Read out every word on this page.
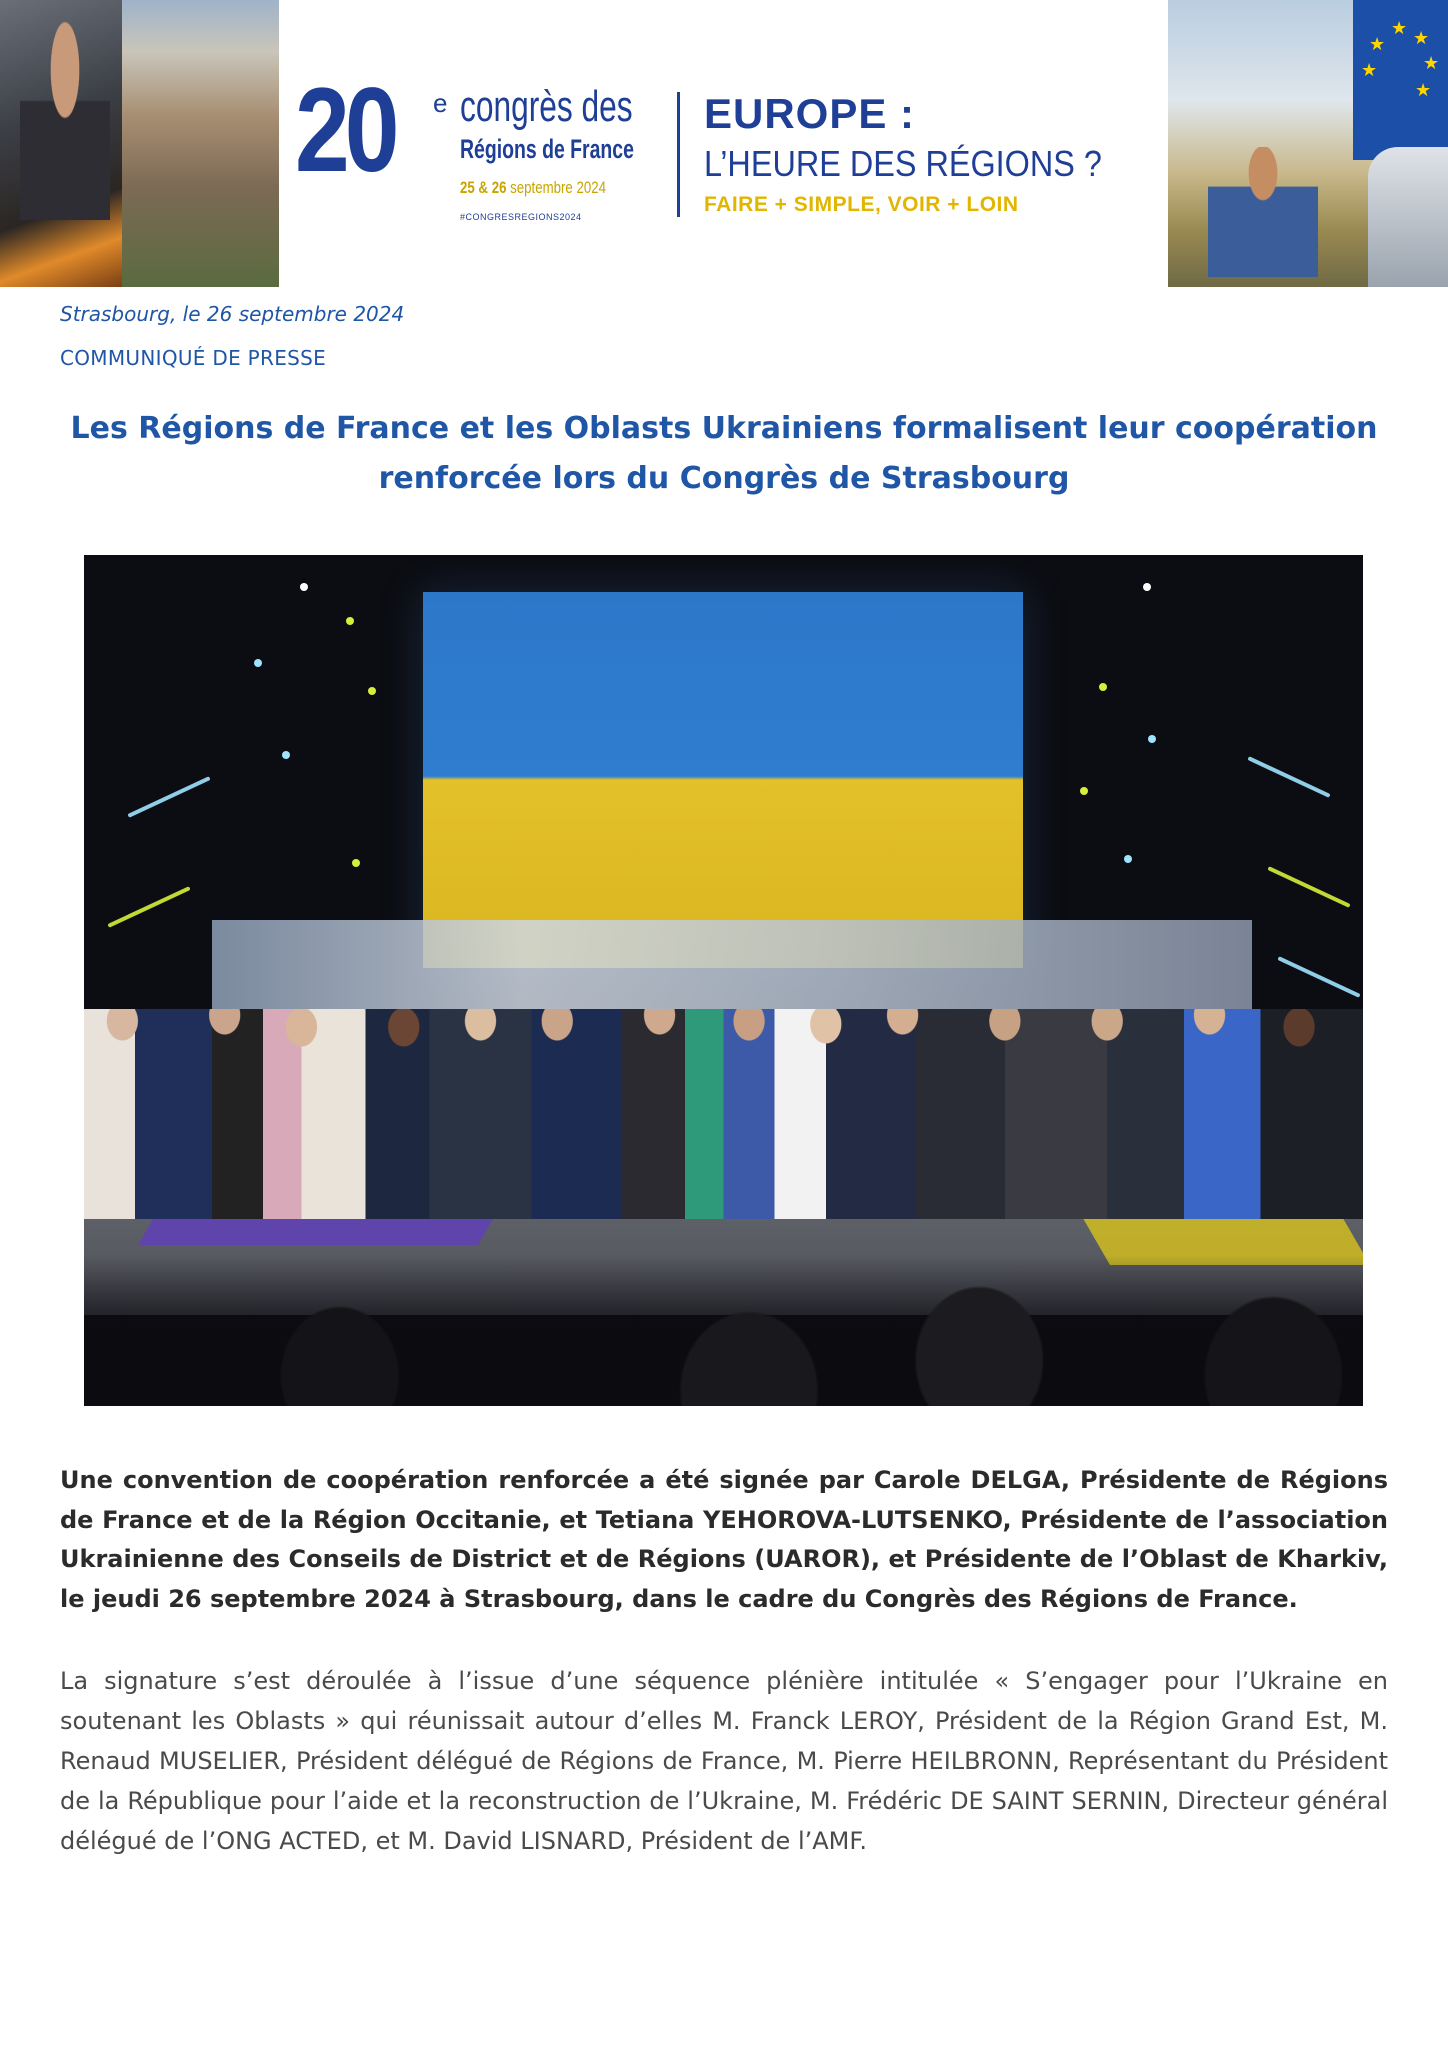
20 e congrès des
Régions de France
25 & 26 septembre 2024
#CONGRESREGIONS2024
EUROPE :
L’HEURE DES RÉGIONS ?
FAIRE + SIMPLE, VOIR + LOIN
★ ★
★
★
★
★
Strasbourg, le 26 septembre 2024
COMMUNIQUÉ DE PRESSE
Les Régions de France et les Oblasts Ukrainiens formalisent leur coopération
renforcée lors du Congrès de Strasbourg

Une convention de coopération renforcée a été signée par Carole DELGA, Présidente de Régions de France et de la Région Occitanie, et Tetiana YEHOROVA-LUTSENKO, Présidente de l’association Ukrainienne des Conseils de District et de Régions (UAROR), et Présidente de l’Oblast de Kharkiv, le jeudi 26 septembre 2024 à Strasbourg, dans le cadre du Congrès des Régions de France.

La signature s’est déroulée à l’issue d’une séquence plénière intitulée « S’engager pour l’Ukraine en soutenant les Oblasts » qui réunissait autour d’elles M. Franck LEROY, Président de la Région Grand Est, M. Renaud MUSELIER, Président délégué de Régions de France, M. Pierre HEILBRONN, Représentant du Président de la République pour l’aide et la reconstruction de l’Ukraine, M. Frédéric DE SAINT SERNIN, Directeur général délégué de l’ONG ACTED, et M. David LISNARD, Président de l’AMF.
